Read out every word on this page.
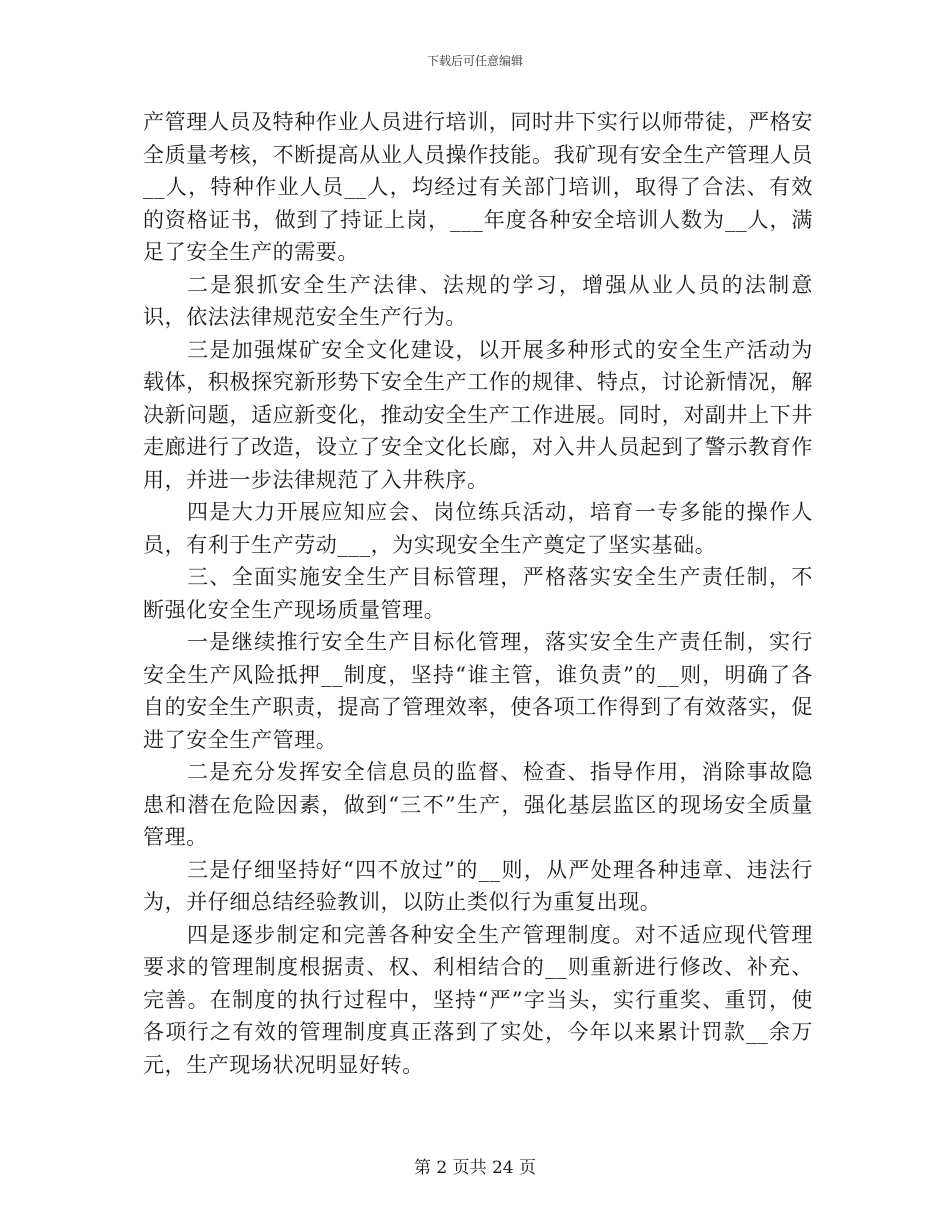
下载后可任意编辑

产管理人员及特种作业人员进行培训，同时井下实行以师带徒，严格安全质量考核，不断提高从业人员操作技能。我矿现有安全生产管理人员__人，特种作业人员__人，均经过有关部门培训，取得了合法、有效的资格证书，做到了持证上岗，___年度各种安全培训人数为__人，满足了安全生产的需要。

二是狠抓安全生产法律、法规的学习，增强从业人员的法制意识，依法法律规范安全生产行为。

三是加强煤矿安全文化建设，以开展多种形式的安全生产活动为载体，积极探究新形势下安全生产工作的规律、特点，讨论新情况，解决新问题，适应新变化，推动安全生产工作进展。同时，对副井上下井走廊进行了改造，设立了安全文化长廊，对入井人员起到了警示教育作用，并进一步法律规范了入井秩序。

四是大力开展应知应会、岗位练兵活动，培育一专多能的操作人员，有利于生产劳动___，为实现安全生产奠定了坚实基础。

三、全面实施安全生产目标管理，严格落实安全生产责任制，不断强化安全生产现场质量管理。

一是继续推行安全生产目标化管理，落实安全生产责任制，实行安全生产风险抵押__制度，坚持“谁主管，谁负责”的__则，明确了各自的安全生产职责，提高了管理效率，使各项工作得到了有效落实，促进了安全生产管理。

二是充分发挥安全信息员的监督、检查、指导作用，消除事故隐患和潜在危险因素，做到“三不”生产，强化基层监区的现场安全质量管理。

三是仔细坚持好“四不放过”的__则，从严处理各种违章、违法行为，并仔细总结经验教训，以防止类似行为重复出现。

四是逐步制定和完善各种安全生产管理制度。对不适应现代管理要求的管理制度根据责、权、利相结合的__则重新进行修改、补充、完善。在制度的执行过程中，坚持“严”字当头，实行重奖、重罚，使各项行之有效的管理制度真正落到了实处，今年以来累计罚款__余万元，生产现场状况明显好转。

第 2 页共 24 页
